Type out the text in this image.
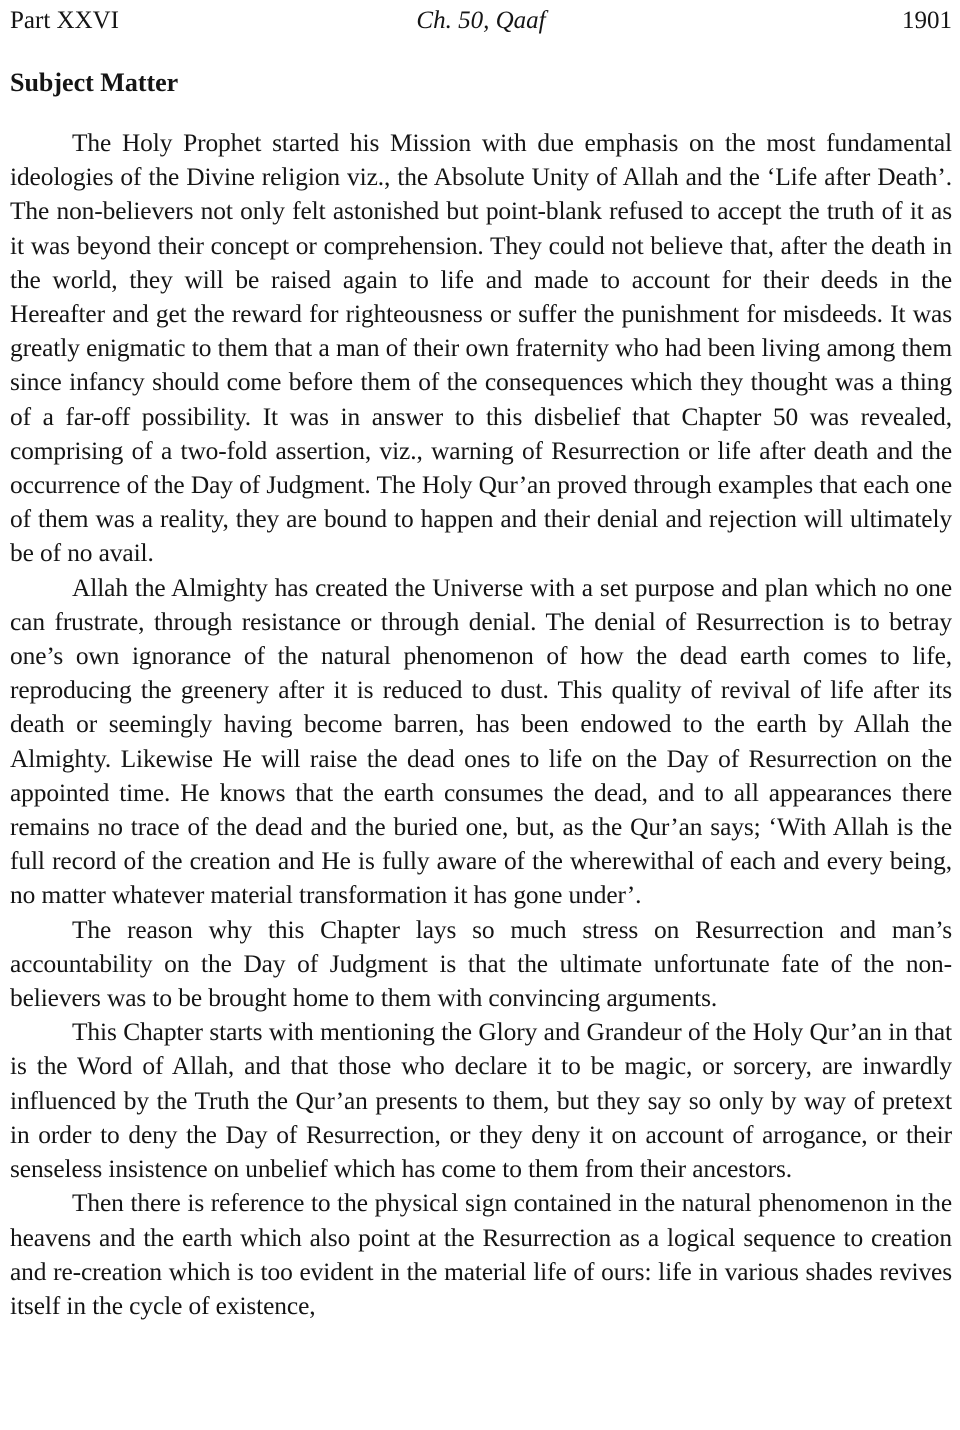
Part XXVI	Ch. 50, Qaaf	1901
Subject Matter

The Holy Prophet started his Mission with due emphasis on the most fundamental ideologies of the Divine religion viz., the Absolute Unity of Allah and the ‘Life after Death’. The non-believers not only felt astonished but point-blank refused to accept the truth of it as it was beyond their concept or comprehension. They could not believe that, after the death in the world, they will be raised again to life and made to account for their deeds in the Hereafter and get the reward for righteousness or suffer the punishment for misdeeds. It was greatly enigmatic to them that a man of their own fraternity who had been living among them since infancy should come before them of the consequences which they thought was a thing of a far-off possibility. It was in answer to this disbelief that Chapter 50 was revealed, comprising of a two-fold assertion, viz., warning of Resurrection or life after death and the occurrence of the Day of Judgment. The Holy Qur’an proved through examples that each one of them was a reality, they are bound to happen and their denial and rejection will ultimately be of no avail.

Allah the Almighty has created the Universe with a set purpose and plan which no one can frustrate, through resistance or through denial. The denial of Resurrection is to betray one’s own ignorance of the natural phenomenon of how the dead earth comes to life, reproducing the greenery after it is reduced to dust. This quality of revival of life after its death or seemingly having become barren, has been endowed to the earth by Allah the Almighty. Likewise He will raise the dead ones to life on the Day of Resurrection on the appointed time. He knows that the earth consumes the dead, and to all appearances there remains no trace of the dead and the buried one, but, as the Qur’an says; ‘With Allah is the full record of the creation and He is fully aware of the wherewithal of each and every being, no matter whatever material transformation it has gone under’.

The reason why this Chapter lays so much stress on Resurrection and man’s accountability on the Day of Judgment is that the ultimate unfortunate fate of the non-believers was to be brought home to them with convincing arguments.

This Chapter starts with mentioning the Glory and Grandeur of the Holy Qur’an in that is the Word of Allah, and that those who declare it to be magic, or sorcery, are inwardly influenced by the Truth the Qur’an presents to them, but they say so only by way of pretext in order to deny the Day of Resurrection, or they deny it on account of arrogance, or their senseless insistence on unbelief which has come to them from their ancestors.

Then there is reference to the physical sign contained in the natural phenomenon in the heavens and the earth which also point at the Resurrection as a logical sequence to creation and re-creation which is too evident in the material life of ours: life in various shades revives itself in the cycle of existence,
